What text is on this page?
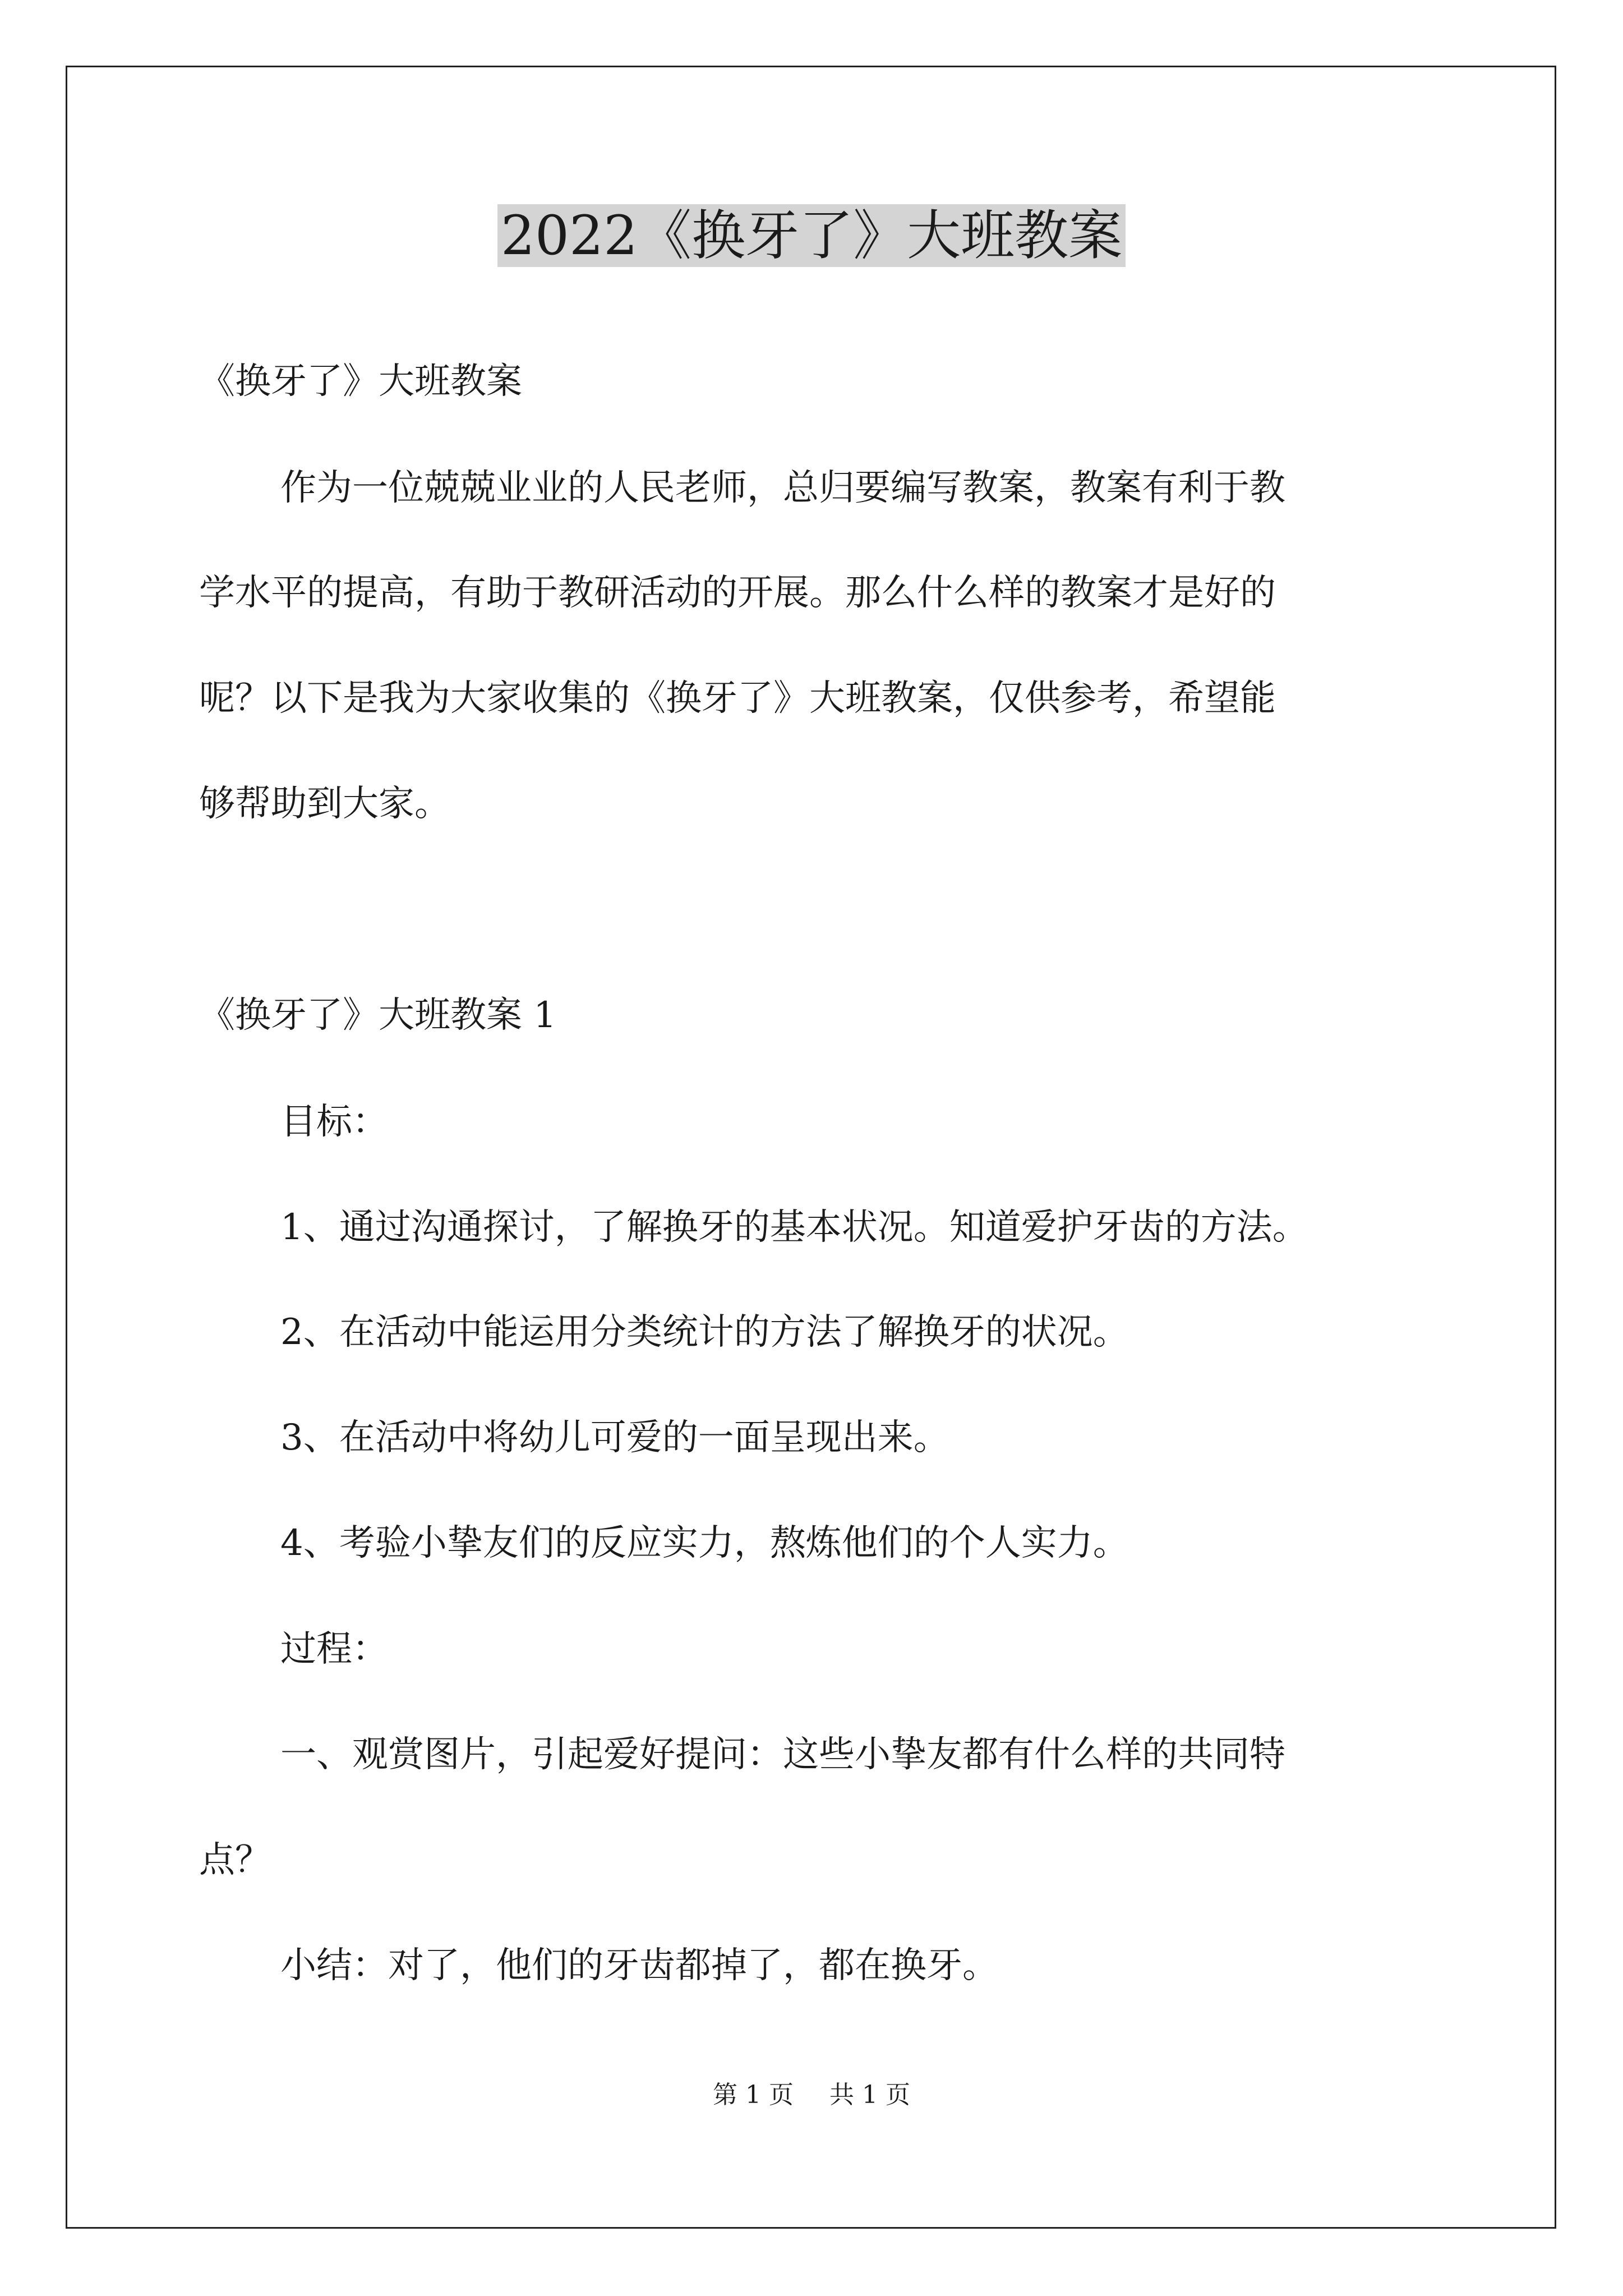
2022《换牙了》大班教案
《换牙了》大班教案
作为一位兢兢业业的人民老师，总归要编写教案，教案有利于教
学水平的提高，有助于教研活动的开展。那么什么样的教案才是好的
呢？以下是我为大家收集的《换牙了》大班教案，仅供参考，希望能
够帮助到大家。
《换牙了》大班教案 1
目标：
1、通过沟通探讨，了解换牙的基本状况。知道爱护牙齿的方法。
2、在活动中能运用分类统计的方法了解换牙的状况。
3、在活动中将幼儿可爱的一面呈现出来。
4、考验小挚友们的反应实力，熬炼他们的个人实力。
过程：
一、观赏图片，引起爱好提问：这些小挚友都有什么样的共同特
点？
小结：对了，他们的牙齿都掉了，都在换牙。
第 1 页 共 1 页
